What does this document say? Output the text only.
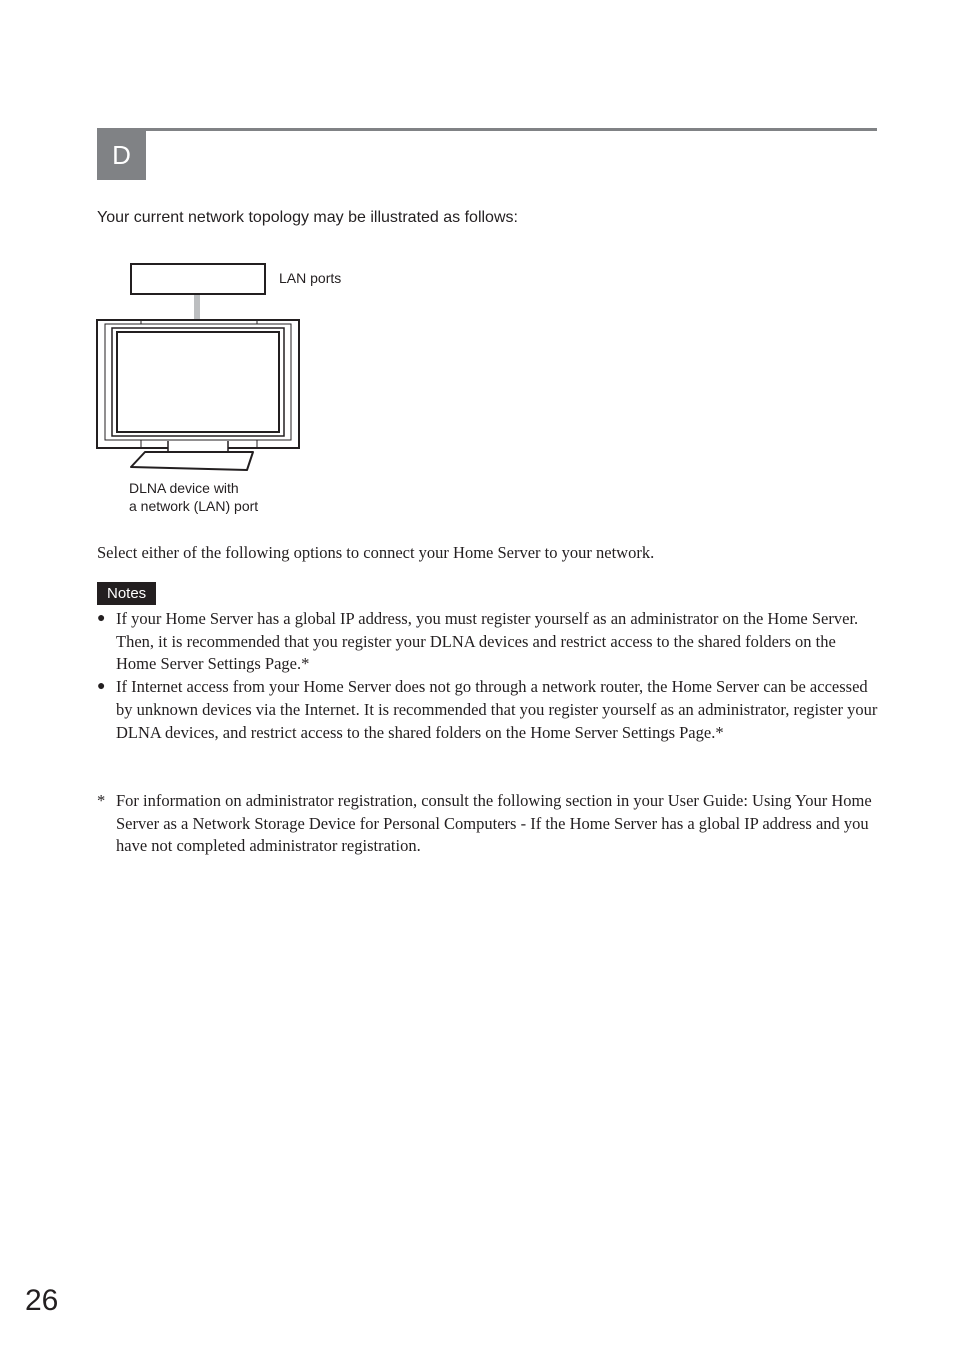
D
Your current network topology may be illustrated as follows:
LAN ports
DLNA device with
a network (LAN) port
Select either of the following options to connect your Home Server to your network.
Notes
● If your Home Server has a global IP address, you must register yourself as an administrator on the Home Server. Then, it is recommended that you register your DLNA devices and restrict access to the shared folders on the Home Server Settings Page.*
● If Internet access from your Home Server does not go through a network router, the Home Server can be accessed by unknown devices via the Internet. It is recommended that you register yourself as an administrator, register your DLNA devices, and restrict access to the shared folders on the Home Server Settings Page.*
* For information on administrator registration, consult the following section in your User Guide: Using Your Home Server as a Network Storage Device for Personal Computers - If the Home Server has a global IP address and you have not completed administrator registration.
26
